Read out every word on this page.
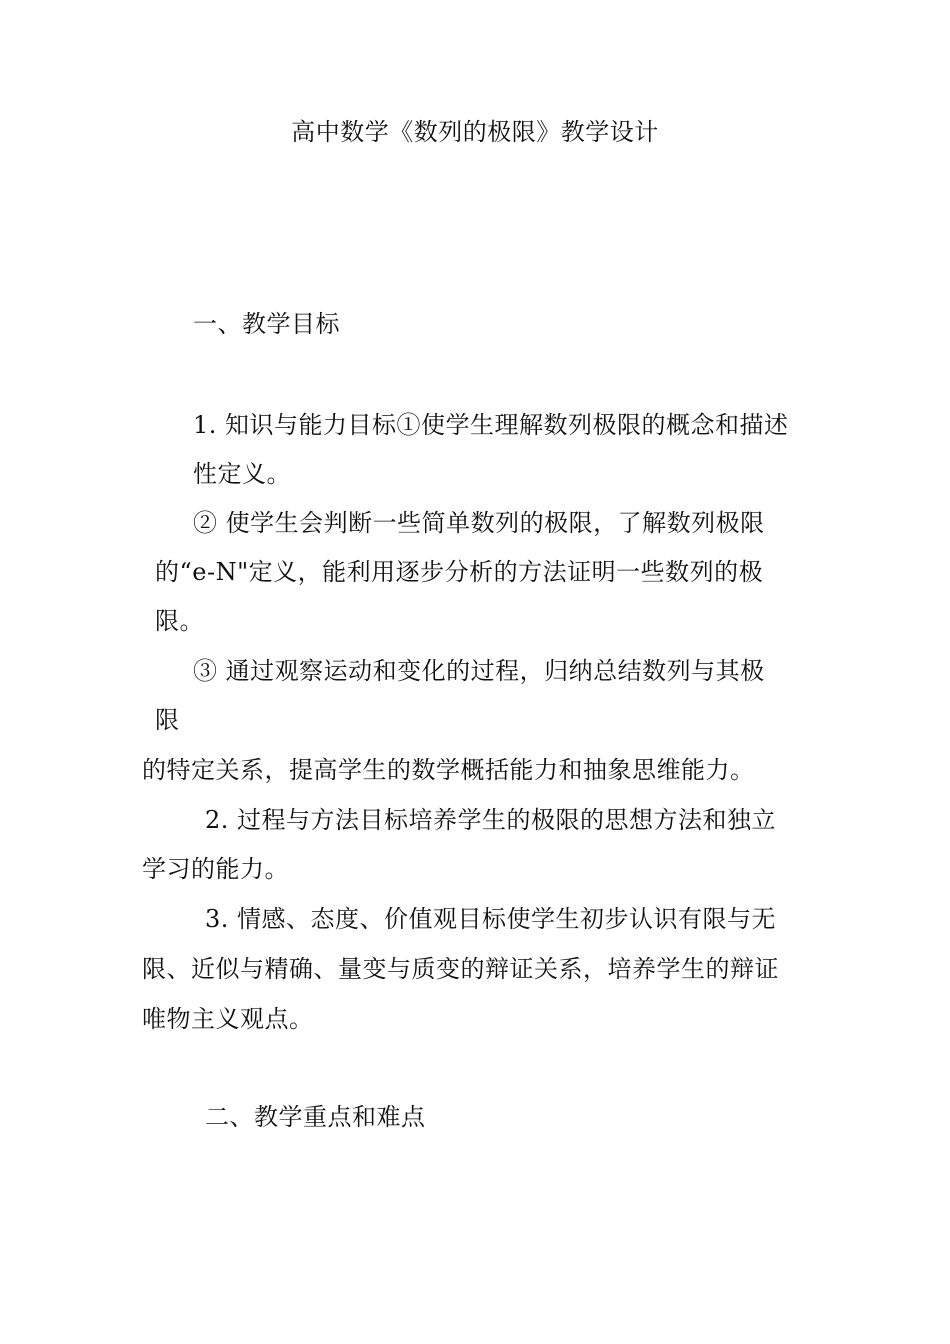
高中数学《数列的极限》教学设计
一、教学目标
1. 知识与能力目标①使学生理解数列极限的概念和描述
性定义。
② 使学生会判断一些简单数列的极限，了解数列极限
的“e-N"定义，能利用逐步分析的方法证明一些数列的极
限。
③ 通过观察运动和变化的过程，归纳总结数列与其极
限
的特定关系，提高学生的数学概括能力和抽象思维能力。
2. 过程与方法目标培养学生的极限的思想方法和独立
学习的能力。
3. 情感、态度、价值观目标使学生初步认识有限与无
限、近似与精确、量变与质变的辩证关系，培养学生的辩证
唯物主义观点。
二、教学重点和难点
